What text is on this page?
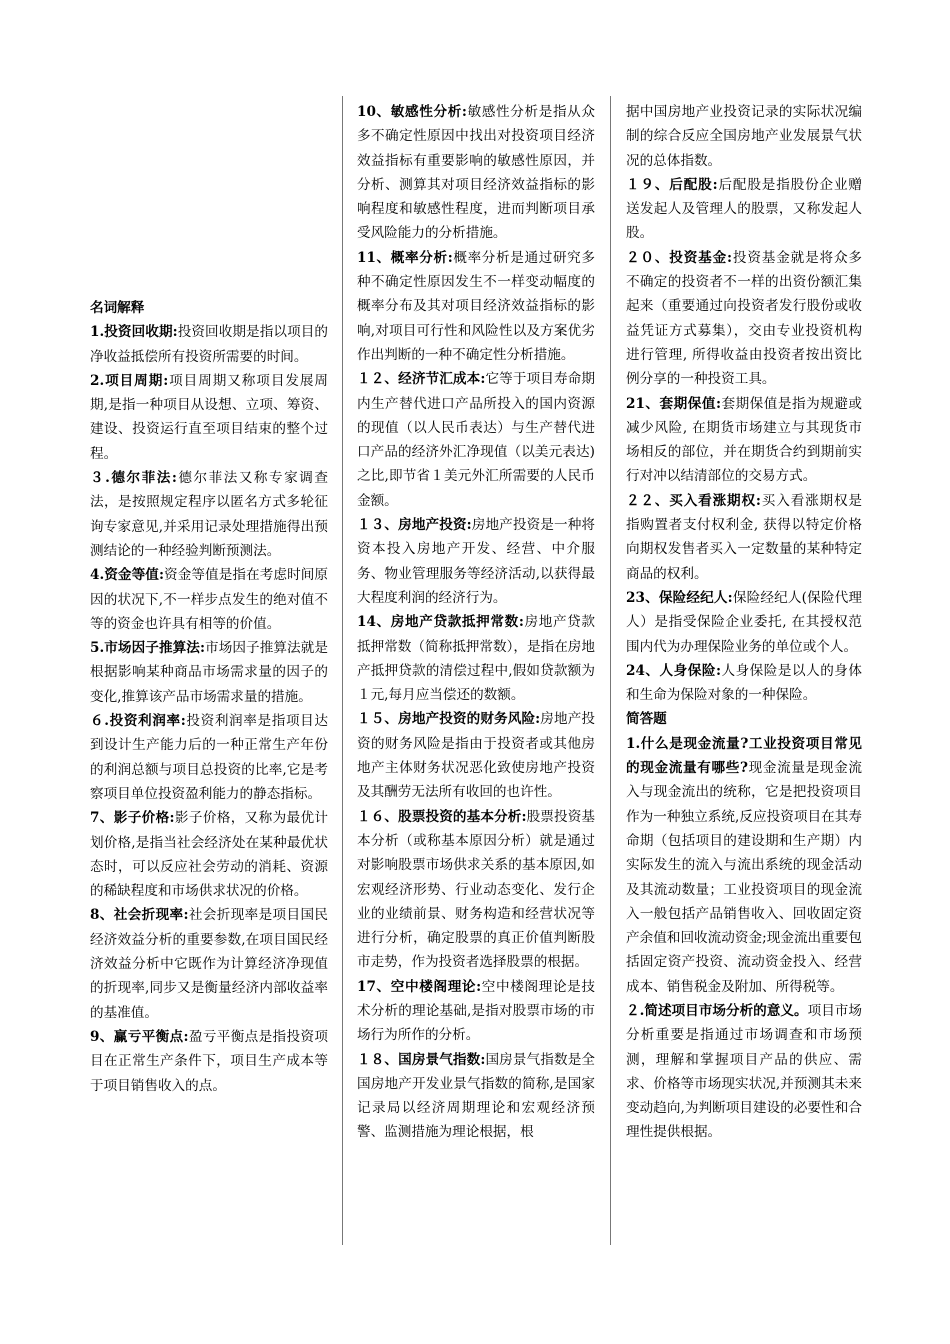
名词解释

1.投资回收期:投资回收期是指以项目的净收益抵偿所有投资所需要的时间。

2.项目周期:项目周期又称项目发展周期,是指一种项目从设想、立项、筹资、建设、投资运行直至项目结束的整个过程。

３.德尔菲法:德尔菲法又称专家调查法，是按照规定程序以匿名方式多轮征询专家意见,并采用记录处理措施得出预测结论的一种经验判断预测法。

4.资金等值:资金等值是指在考虑时间原因的状况下,不一样步点发生的绝对值不等的资金也许具有相等的价值。

5.市场因子推算法:市场因子推算法就是根据影响某种商品市场需求量的因子的变化,推算该产品市场需求量的措施。

６.投资利润率:投资利润率是指项目达到设计生产能力后的一种正常生产年份的利润总额与项目总投资的比率,它是考察项目单位投资盈利能力的静态指标。

7、影子价格:影子价格，又称为最优计划价格,是指当社会经济处在某种最优状态时，可以反应社会劳动的消耗、资源的稀缺程度和市场供求状况的价格。

8、社会折现率:社会折现率是项目国民经济效益分析的重要参数,在项目国民经济效益分析中它既作为计算经济净现值的折现率,同步又是衡量经济内部收益率的基准值。

9、赢亏平衡点:盈亏平衡点是指投资项目在正常生产条件下，项目生产成本等于项目销售收入的点。

10、敏感性分析:敏感性分析是指从众多不确定性原因中找出对投资项目经济效益指标有重要影响的敏感性原因，并分析、测算其对项目经济效益指标的影响程度和敏感性程度，进而判断项目承受风险能力的分析措施。

11、概率分析:概率分析是通过研究多种不确定性原因发生不一样变动幅度的概率分布及其对项目经济效益指标的影响,对项目可行性和风险性以及方案优劣作出判断的一种不确定性分析措施。

１２、经济节汇成本:它等于项目寿命期内生产替代进口产品所投入的国内资源的现值（以人民币表达）与生产替代进口产品的经济外汇净现值（以美元表达)之比,即节省１美元外汇所需要的人民币金额。

１３、房地产投资:房地产投资是一种将资本投入房地产开发、经营、中介服务、物业管理服务等经济活动,以获得最大程度利润的经济行为。

14、房地产贷款抵押常数:房地产贷款抵押常数（简称抵押常数），是指在房地产抵押贷款的清偿过程中,假如贷款额为１元,每月应当偿还的数额。

１５、房地产投资的财务风险:房地产投资的财务风险是指由于投资者或其他房地产主体财务状况恶化致使房地产投资及其酬劳无法所有收回的也许性。

１６、股票投资的基本分析:股票投资基本分析（或称基本原因分析）就是通过对影响股票市场供求关系的基本原因,如宏观经济形势、行业动态变化、发行企业的业绩前景、财务构造和经营状况等进行分析，确定股票的真正价值判断股市走势，作为投资者选择股票的根据。

17、空中楼阁理论:空中楼阁理论是技术分析的理论基础,是指对股票市场的市场行为所作的分析。

１８、国房景气指数:国房景气指数是全国房地产开发业景气指数的简称,是国家记录局以经济周期理论和宏观经济预警、监测措施为理论根据，根

据中国房地产业投资记录的实际状况编制的综合反应全国房地产业发展景气状况的总体指数。

１９、后配股:后配股是指股份企业赠送发起人及管理人的股票，又称发起人股。

２０、投资基金:投资基金就是将众多不确定的投资者不一样的出资份额汇集起来（重要通过向投资者发行股份或收益凭证方式募集），交由专业投资机构进行管理, 所得收益由投资者按出资比例分享的一种投资工具。

21、套期保值:套期保值是指为规避或减少风险, 在期货市场建立与其现货市场相反的部位，并在期货合约到期前实行对冲以结清部位的交易方式。

２２、买入看涨期权:买入看涨期权是指购置者支付权利金, 获得以特定价格向期权发售者买入一定数量的某种特定商品的权利。

23、保险经纪人:保险经纪人(保险代理人）是指受保险企业委托, 在其授权范围内代为办理保险业务的单位或个人。

24、人身保险:人身保险是以人的身体和生命为保险对象的一种保险。

简答题

1.什么是现金流量?工业投资项目常见的现金流量有哪些?现金流量是现金流入与现金流出的统称，它是把投资项目作为一种独立系统,反应投资项目在其寿命期（包括项目的建设期和生产期）内实际发生的流入与流出系统的现金活动及其流动数量；工业投资项目的现金流入一般包括产品销售收入、回收固定资产余值和回收流动资金;现金流出重要包括固定资产投资、流动资金投入、经营成本、销售税金及附加、所得税等。

２.简述项目市场分析的意义。项目市场分析重要是指通过市场调查和市场预测，理解和掌握项目产品的供应、需求、价格等市场现实状况,并预测其未来变动趋向,为判断项目建设的必要性和合理性提供根据。
